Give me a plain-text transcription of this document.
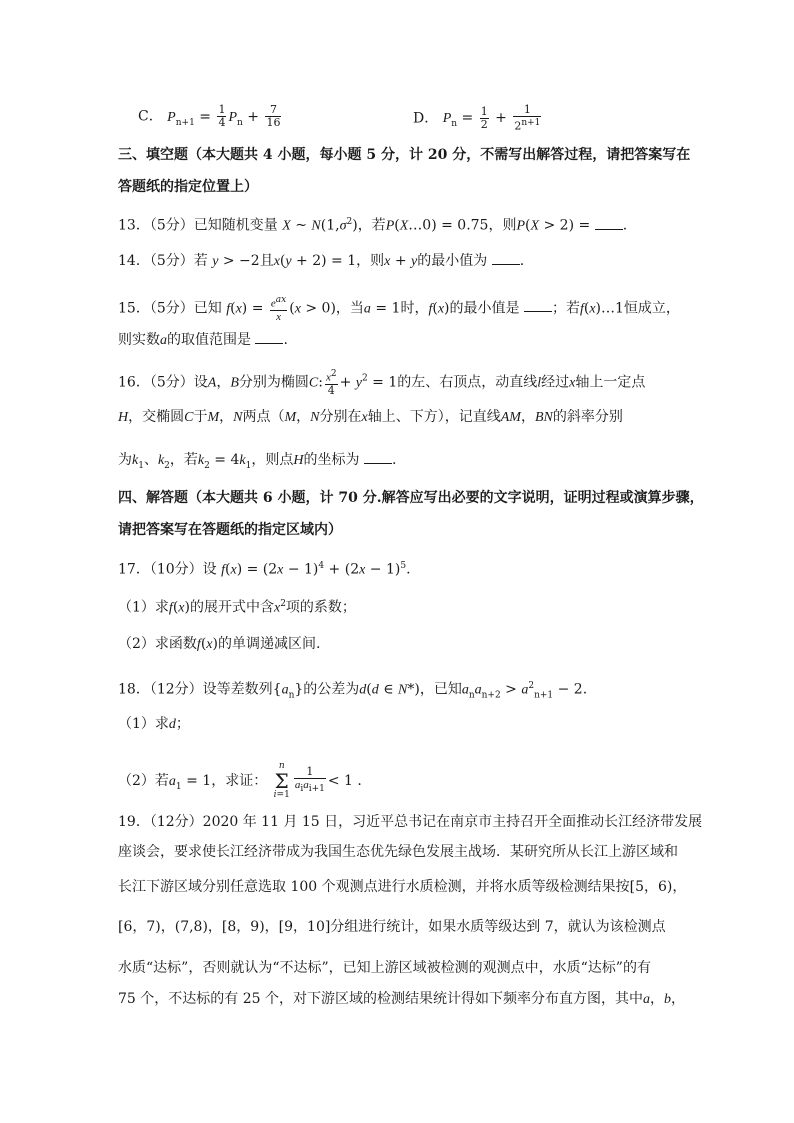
C． $P_{n+1} = \frac{1}{4} P_n + \frac{7}{16}$	D． $P_n = \frac{1}{2} + \frac{1}{2^{n+1}}$
三、填空题（本大题共 4 小题，每小题 5 分，计 20 分，不需写出解答过程，请把答案写在
答题纸的指定位置上）
13．（5分）已知随机变量 X ~ $N(1,\sigma^2)$，若P(X…0) = 0.75，则P(X > 2) = .
14．（5分）若 y > −2且x(y + 2) = 1，则x + y的最小值为 .
15．（5分）已知 $f(x) = \frac{e^{ax}}{x} (x > 0)$，当a = 1时，f(x)的最小值是 ；若f(x)…1恒成立，
则实数a的取值范围是 .
16．（5分）设A，B分别为椭圆C: $\frac{x^2}{4} + y^2 = 1$的左、右顶点，动直线l经过x轴上一定点
H，交椭圆C于M，N两点（M，N分别在x轴上、下方），记直线AM，BN的斜率分别
为$k_1$、$k_2$，若$k_2 = 4k_1$，则点H的坐标为 .
四、解答题（本大题共 6 小题，计 70 分.解答应写出必要的文字说明，证明过程或演算步骤，
请把答案写在答题纸的指定区域内）
17．（10分）设 $f(x) = (2x - 1)^4 + (2x - 1)^5$.
（1）求f(x)的展开式中含$x^2$项的系数；
（2）求函数f(x)的单调递减区间.
18．（12分）设等差数列$\{a_n\}$的公差为d(d ∈ N*)，已知$a_na_{n+2} > a^2_{n+1} - 2$.
（1）求d；
（2）若$a_1 = 1$，求证： n
Σ
$i=1 \frac{1}{a_ia_{i+1}} < 1$ .
19．（12分）2020 年 11 月 15 日，习近平总书记在南京市主持召开全面推动长江经济带发展
座谈会，要求使长江经济带成为我国生态优先绿色发展主战场．某研究所从长江上游区域和
长江下游区域分别任意选取 100 个观测点进行水质检测，并将水质等级检测结果按[5，6)，
[6，7)，(7,8)，[8，9)，[9，10]分组进行统计，如果水质等级达到 7，就认为该检测点
水质“达标”，否则就认为“不达标”，已知上游区域被检测的观测点中，水质“达标”的有
75 个，不达标的有 25 个，对下游区域的检测结果统计得如下频率分布直方图，其中a，b，
